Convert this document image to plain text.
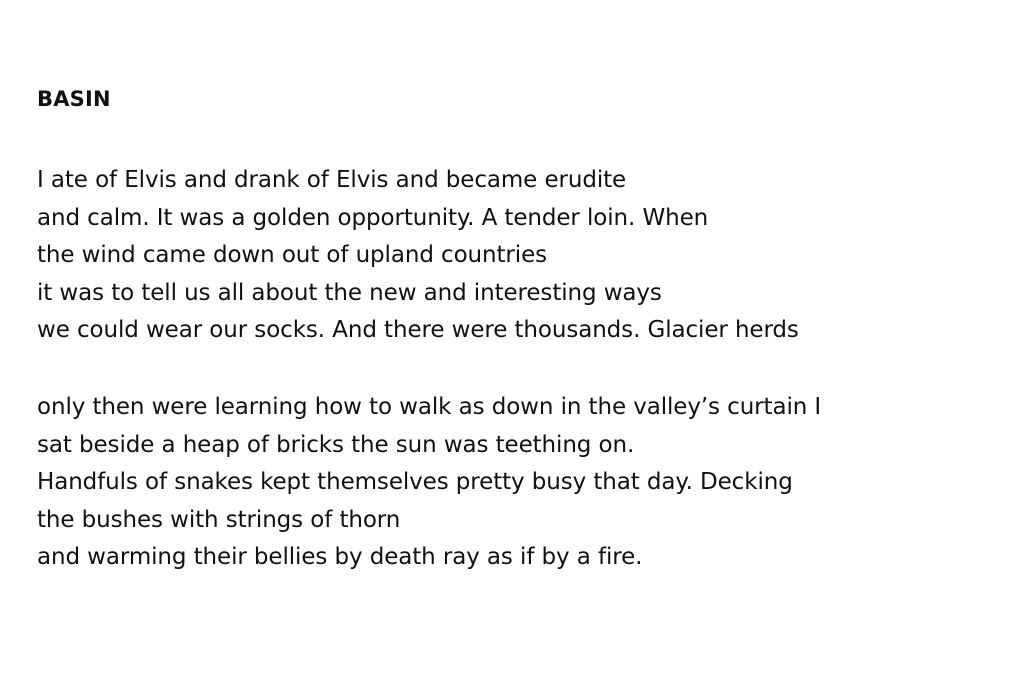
BASIN
I ate of Elvis and drank of Elvis and became erudite
and calm. It was a golden opportunity. A tender loin. When
the wind came down out of upland countries
it was to tell us all about the new and interesting ways
we could wear our socks. And there were thousands. Glacier herds
only then were learning how to walk as down in the valley’s curtain I
sat beside a heap of bricks the sun was teething on.
Handfuls of snakes kept themselves pretty busy that day. Decking
the bushes with strings of thorn
and warming their bellies by death ray as if by a fire.
